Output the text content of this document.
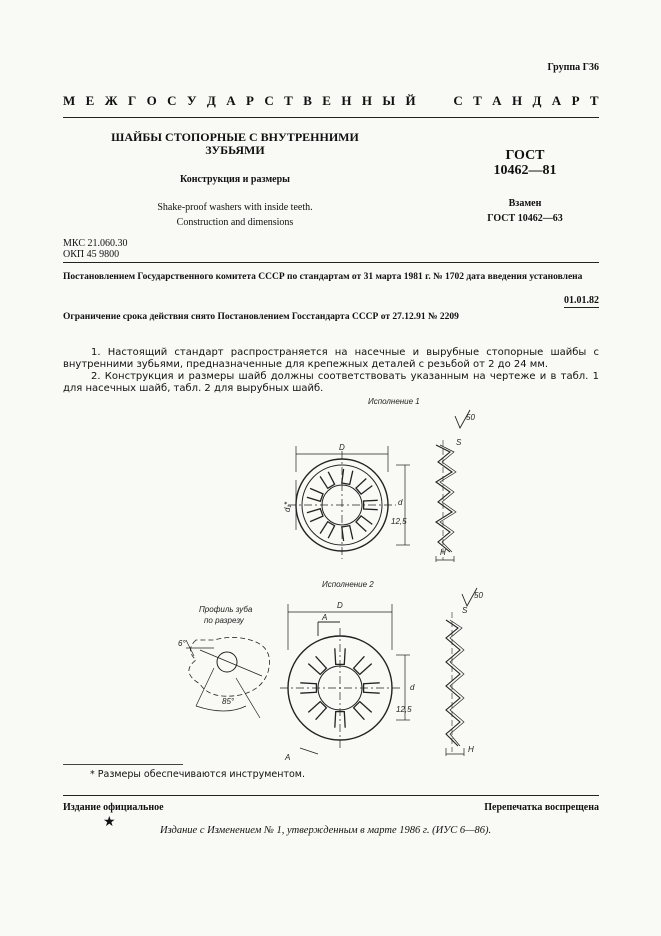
Группа Г36
М Е Ж Г О С У Д А Р С Т В Е Н Н Ы Й

	С Т А Н Д А Р Т
ШАЙБЫ СТОПОРНЫЕ С ВНУТРЕННИМИ
ЗУБЬЯМИ
Конструкция и размеры
Shake-proof washers with inside teeth.
Construction and dimensions
ГОСТ
10462—81
Взамен
ГОСТ 10462—63
МКС 21.060.30
ОКП 45 9800
Постановлением Государственного комитета СССР по стандартам от 31 марта 1981 г. № 1702 дата введения установлена
01.01.82
Ограничение срока действия снято Постановлением Госстандарта СССР от 27.12.91 № 2209
1. Настоящий стандарт распространяется на насечные и вырубные стопорные шайбы с внутренними зубьями, предназначенные для крепежных деталей с резьбой от 2 до 24 мм.
2. Конструкция и размеры шайб должны соответствовать указанным на чертеже и в табл. 1 для насечных шайб, табл. 2 для вырубных шайб.
Исполнение 1
Исполнение 2
D
D
d
d
S
S
H
H
A
А
50
50
12,5
12,5
Профиль зуба
по разрезу
6°
85°
d₁*
* Размеры обеспечиваются инструментом.
Издание официальное	Перепечатка воспрещена
★
Издание с Изменением № 1, утвержденным в марте 1986 г. (ИУС 6—86).
